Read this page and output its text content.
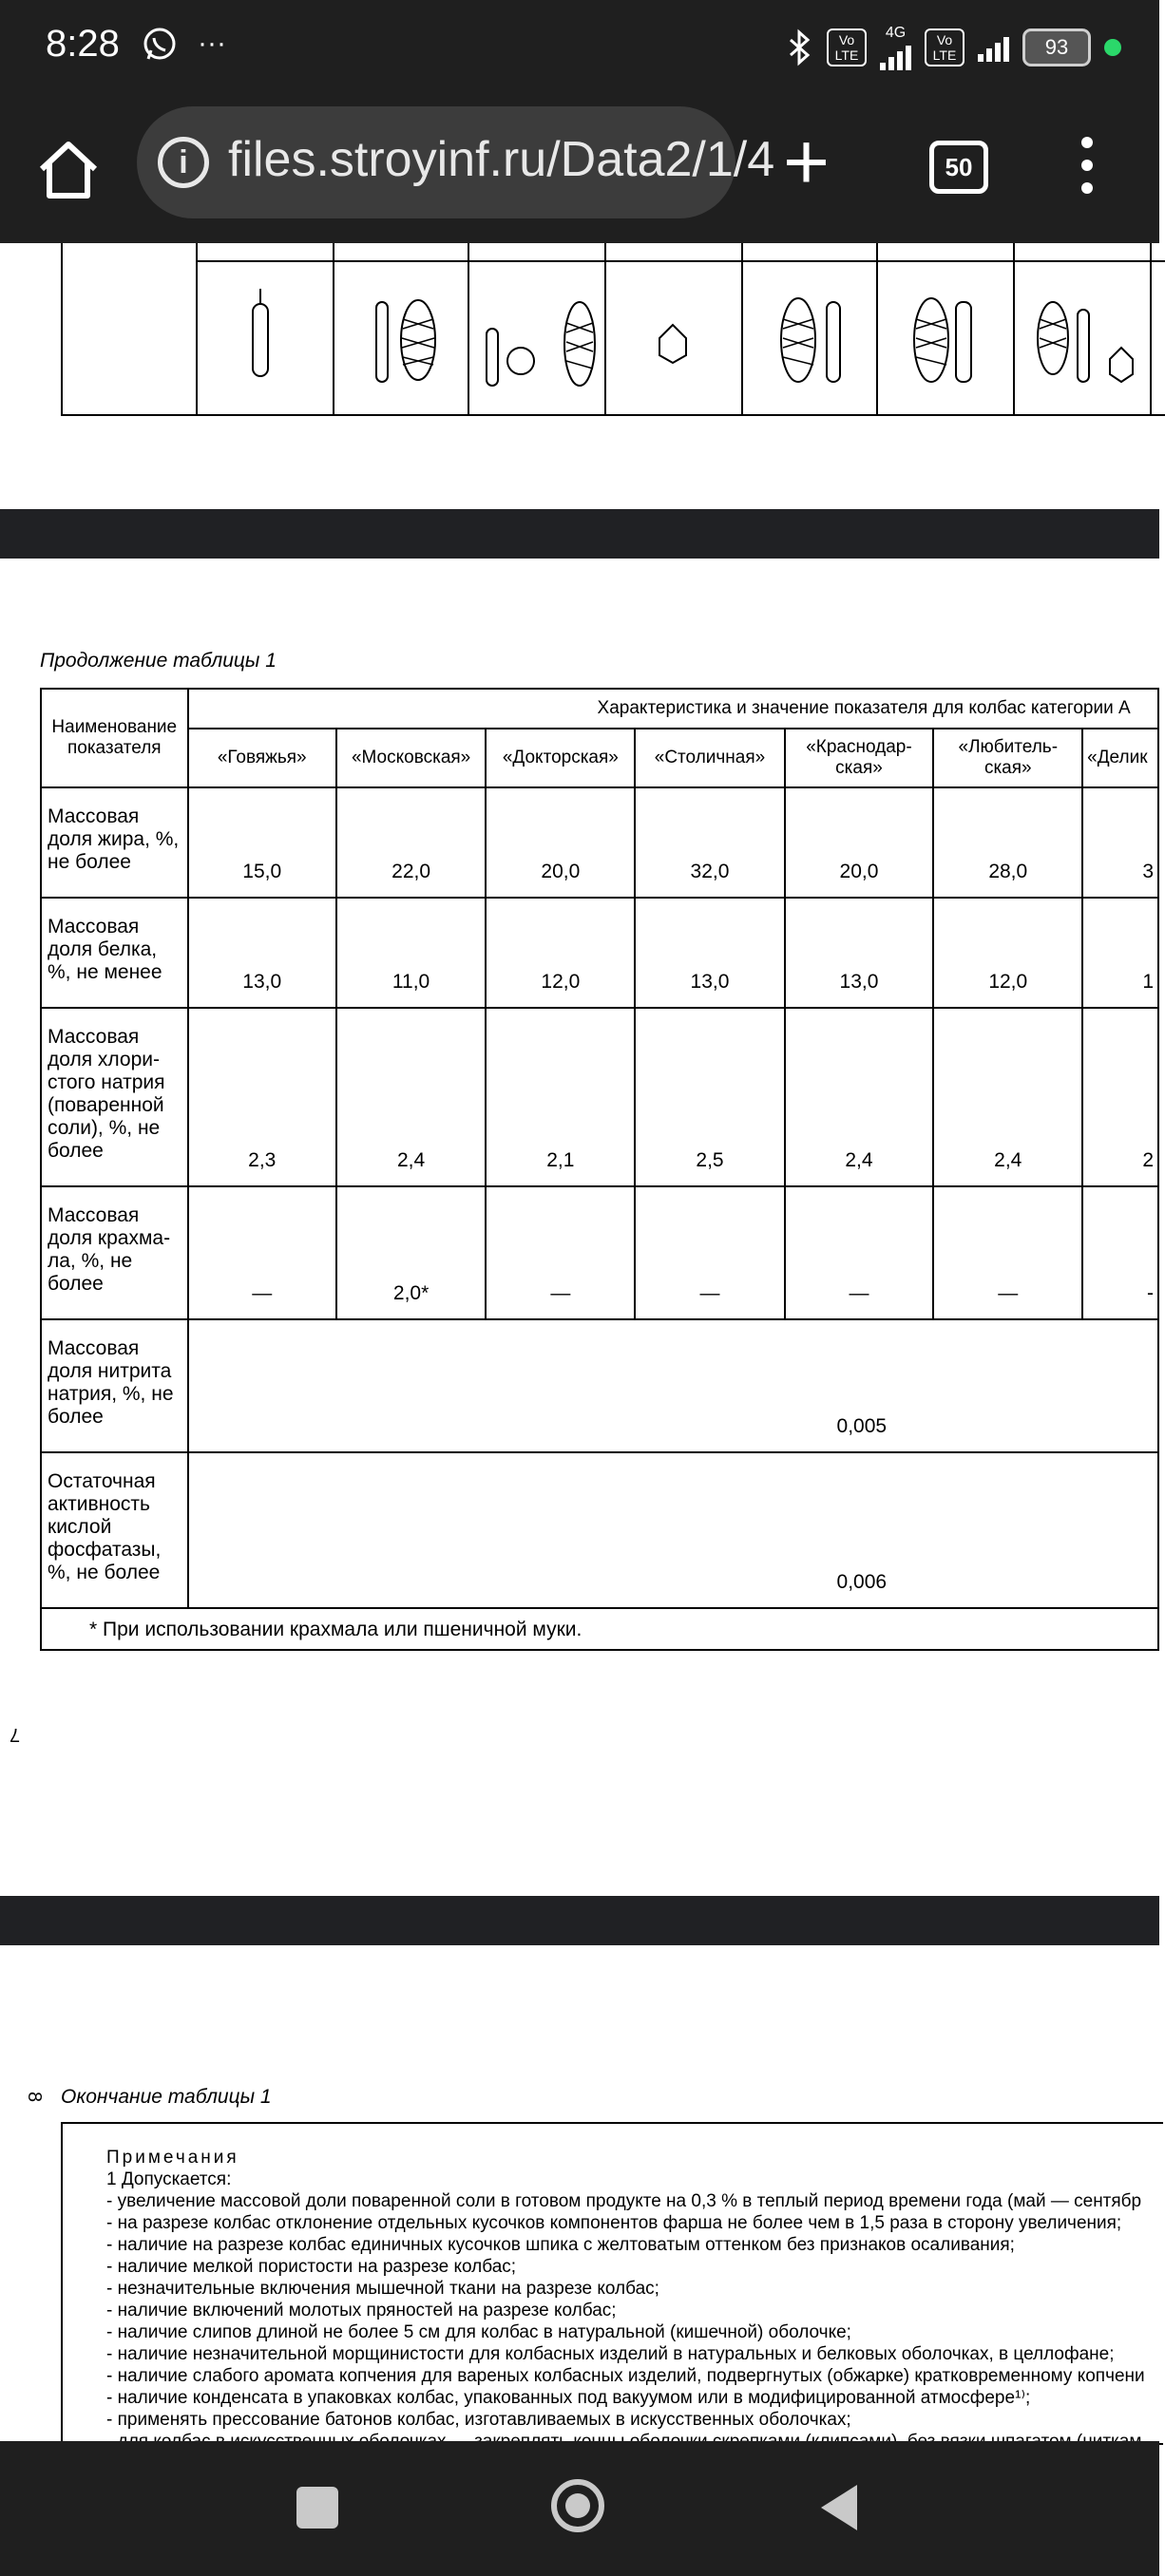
8:28	···	Vo LTE
4G	Vo LTE	93
i files.stroyinf.ru/Data2/1/4 +	50
Продолжение таблицы 1
Наименование показателя	Характеристика и значение показателя для колбас категории А						
	«Говяжья»	«Московская»	«Докторская»	«Столичная»	«Краснодар-ская»	«Любитель-ская»	«Делик
Массовая доля жира, %, не более	15,0	22,0	20,0	32,0	20,0	28,0	3
Массовая доля белка, %, не менее	13,0	11,0	12,0	13,0	13,0	12,0	1
Массовая доля хлори-стого натрия (поваренной соли), %, не более	2,3	2,4	2,1	2,5	2,4	2,4	2
Массовая доля крахма-ла, %, не более	—	2,0*	—	—	—	—	-
Массовая доля нитрита натрия, %, не более	0,005						
Остаточная активность кислой фосфатазы, %, не более	0,006						
* При использовании крахмала или пшеничной муки.							
7
8 Окончание таблицы 1
Примечания
1 Допускается:
- увеличение массовой доли поваренной соли в готовом продукте на 0,3 % в теплый период времени года (май — сентябр
- на разрезе колбас отклонение отдельных кусочков компонентов фарша не более чем в 1,5 раза в сторону увеличения;
- наличие на разрезе колбас единичных кусочков шпика с желтоватым оттенком без признаков осаливания;
- наличие мелкой пористости на разрезе колбас;
- незначительные включения мышечной ткани на разрезе колбас;
- наличие включений молотых пряностей на разрезе колбас;
- наличие слипов длиной не более 5 см для колбас в натуральной (кишечной) оболочке;
- наличие незначительной морщинистости для колбасных изделий в натуральных и белковых оболочках, в целлофане;
- наличие слабого аромата копчения для вареных колбасных изделий, подвергнутых (обжарке) кратковременному копчени
- наличие конденсата в упаковках колбас, упакованных под вакуумом или в модифицированной атмосфере¹⁾;
- применять прессование батонов колбас, изготавливаемых в искусственных оболочках;
